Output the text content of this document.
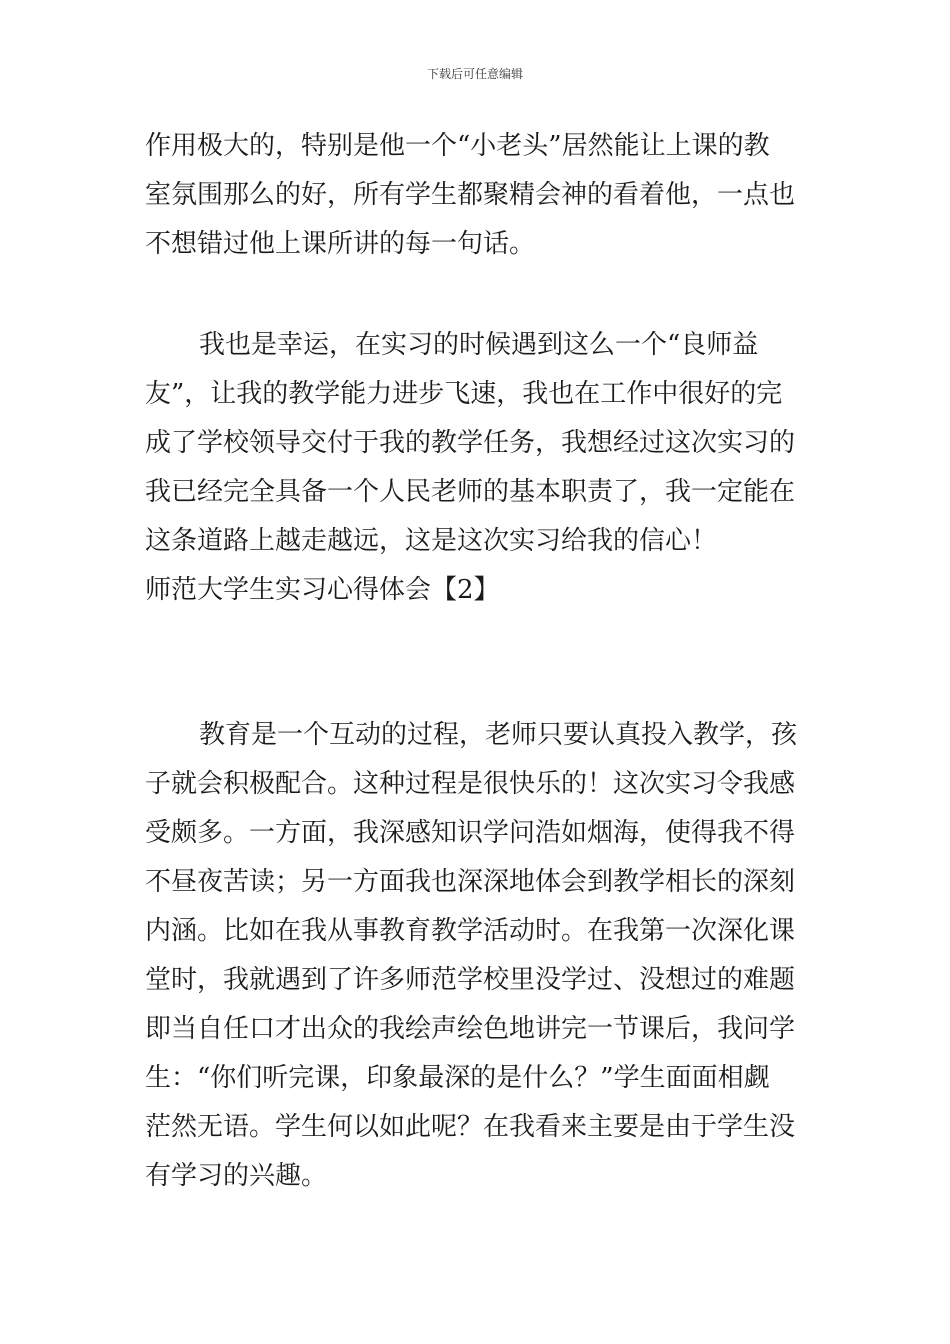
下载后可任意编辑
作用极大的，特别是他一个“小老头”居然能让上课的教
室氛围那么的好，所有学生都聚精会神的看着他，一点也
不想错过他上课所讲的每一句话。
我也是幸运，在实习的时候遇到这么一个“良师益
友”，让我的教学能力进步飞速，我也在工作中很好的完
成了学校领导交付于我的教学任务，我想经过这次实习的
我已经完全具备一个人民老师的基本职责了，我一定能在
这条道路上越走越远，这是这次实习给我的信心！
师范大学生实习心得体会【2】
教育是一个互动的过程，老师只要认真投入教学，孩
子就会积极配合。这种过程是很快乐的！这次实习令我感
受颇多。一方面，我深感知识学问浩如烟海，使得我不得
不昼夜苦读；另一方面我也深深地体会到教学相长的深刻
内涵。比如在我从事教育教学活动时。在我第一次深化课
堂时，我就遇到了许多师范学校里没学过、没想过的难题
即当自任口才出众的我绘声绘色地讲完一节课后，我问学
生：“你们听完课，印象最深的是什么？”学生面面相觑
茫然无语。学生何以如此呢？在我看来主要是由于学生没
有学习的兴趣。
